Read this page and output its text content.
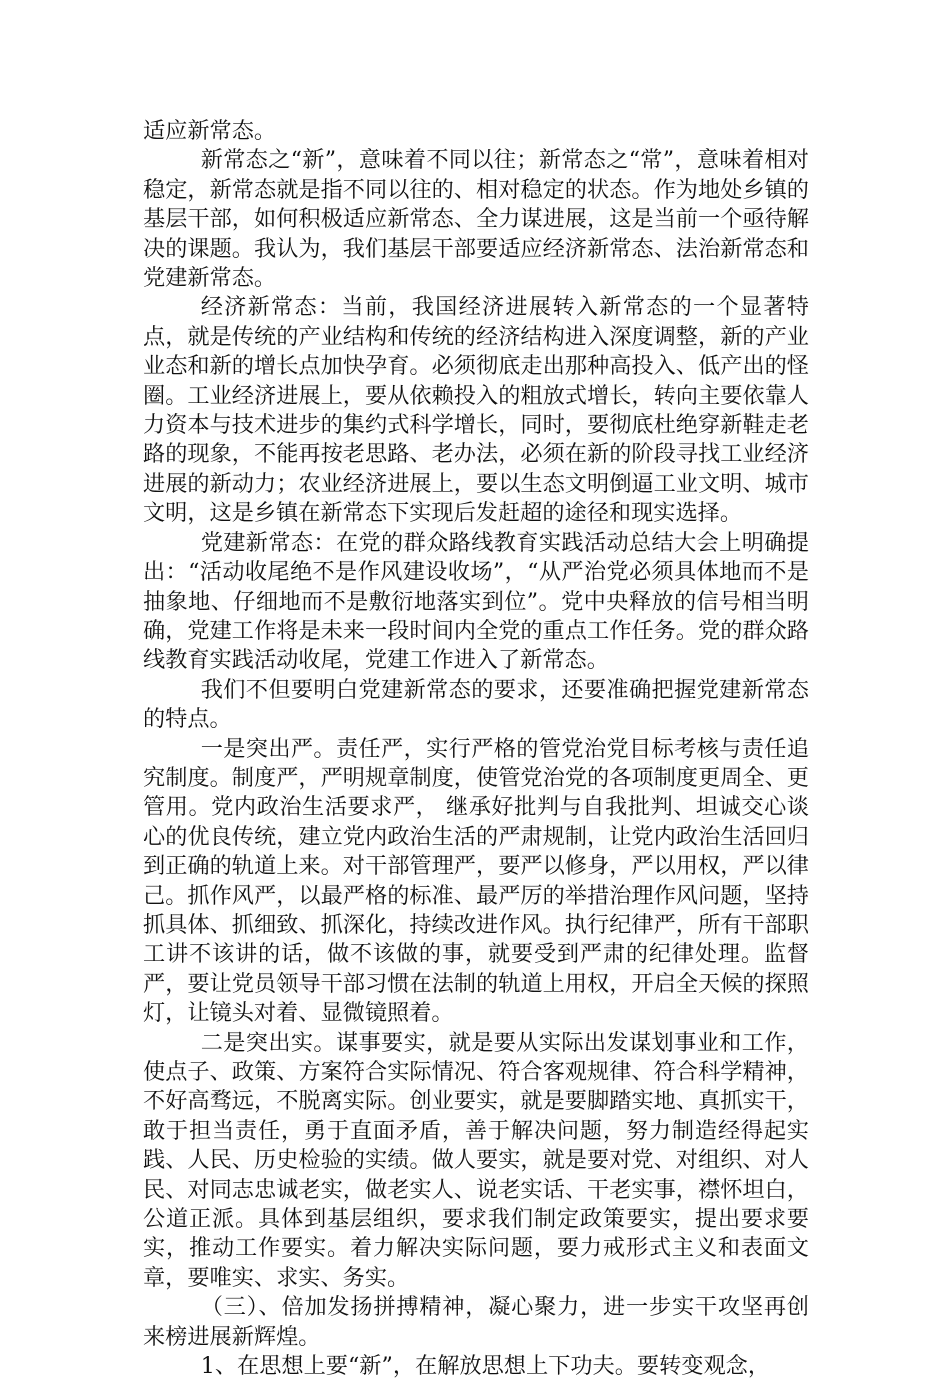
适应新常态。

新常态之“新”，意味着不同以往；新常态之“常”，意味着相对稳定，新常态就是指不同以往的、相对稳定的状态。作为地处乡镇的基层干部，如何积极适应新常态、全力谋进展，这是当前一个亟待解决的课题。我认为，我们基层干部要适应经济新常态、法治新常态和党建新常态。

经济新常态：当前，我国经济进展转入新常态的一个显著特点，就是传统的产业结构和传统的经济结构进入深度调整，新的产业业态和新的增长点加快孕育。必须彻底走出那种高投入、低产出的怪圈。工业经济进展上，要从依赖投入的粗放式增长，转向主要依靠人力资本与技术进步的集约式科学增长，同时，要彻底杜绝穿新鞋走老路的现象，不能再按老思路、老办法，必须在新的阶段寻找工业经济进展的新动力；农业经济进展上，要以生态文明倒逼工业文明、城市文明，这是乡镇在新常态下实现后发赶超的途径和现实选择。

党建新常态：在党的群众路线教育实践活动总结大会上明确提出：“活动收尾绝不是作风建设收场”，“从严治党必须具体地而不是抽象地、仔细地而不是敷衍地落实到位”。党中央释放的信号相当明确，党建工作将是未来一段时间内全党的重点工作任务。党的群众路线教育实践活动收尾，党建工作进入了新常态。

我们不但要明白党建新常态的要求，还要准确把握党建新常态的特点。

一是突出严。责任严，实行严格的管党治党目标考核与责任追究制度。制度严，严明规章制度，使管党治党的各项制度更周全、更管用。党内政治生活要求严， 继承好批判与自我批判、坦诚交心谈心的优良传统，建立党内政治生活的严肃规制，让党内政治生活回归到正确的轨道上来。对干部管理严，要严以修身，严以用权，严以律己。抓作风严，以最严格的标准、最严厉的举措治理作风问题，坚持抓具体、抓细致、抓深化，持续改进作风。执行纪律严，所有干部职工讲不该讲的话，做不该做的事，就要受到严肃的纪律处理。监督严，要让党员领导干部习惯在法制的轨道上用权，开启全天候的探照灯，让镜头对着、显微镜照着。

二是突出实。谋事要实，就是要从实际出发谋划事业和工作，使点子、政策、方案符合实际情况、符合客观规律、符合科学精神，不好高骛远，不脱离实际。创业要实，就是要脚踏实地、真抓实干，敢于担当责任，勇于直面矛盾，善于解决问题，努力制造经得起实践、人民、历史检验的实绩。做人要实，就是要对党、对组织、对人民、对同志忠诚老实，做老实人、说老实话、干老实事，襟怀坦白，公道正派。具体到基层组织，要求我们制定政策要实，提出要求要实，推动工作要实。着力解决实际问题，要力戒形式主义和表面文章，要唯实、求实、务实。

（三）、倍加发扬拼搏精神，凝心聚力，进一步实干攻坚再创来榜进展新辉煌。

1、在思想上要“新”，在解放思想上下功夫。要转变观念，
